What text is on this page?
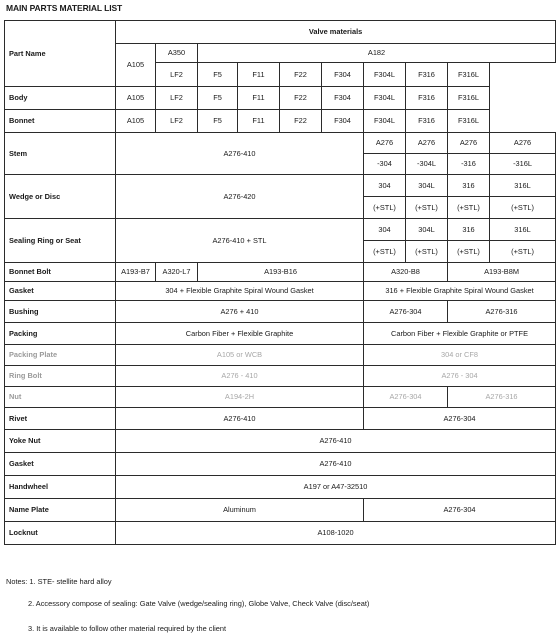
MAIN PARTS MATERIAL LIST
Part Name	Valve materials									
	A105	A350	A182							
		LF2	F5	F11	F22	F304	F304L	F316	F316L	
Body	A105	LF2	F5	F11	F22	F304	F304L	F316	F316L	
Bonnet	A105	LF2	F5	F11	F22	F304	F304L	F316	F316L	
Stem	A276-410						A276	A276	A276	A276
							-304	-304L	-316	-316L
Wedge or Disc	A276-420						304	304L	316	316L
							(+STL)	(+STL)	(+STL)	(+STL)
Sealing Ring or Seat	A276-410 + STL						304	304L	316	316L
							(+STL)	(+STL)	(+STL)	(+STL)
Bonnet Bolt	A193-B7	A320-L7	A193-B16				A320-B8		A193-B8M	
Gasket	304 + Flexible Graphite Spiral Wound Gasket						316 + Flexible Graphite Spiral Wound Gasket			
Bushing	A276 + 410						A276-304		A276-316	
Packing	Carbon Fiber + Flexible Graphite						Carbon Fiber + Flexible Graphite or PTFE			
Packing Plate	A105 or WCB						304 or CF8			
Ring Bolt	A276 - 410						A276 - 304			
Nut	A194-2H						A276-304		A276-316	
Rivet	A276-410						A276-304			
Yoke Nut	A276-410									
Gasket	A276-410									
Handwheel	A197 or A47-32510									
Name Plate	Aluminum						A276-304			
Locknut	A108-1020									
Notes: 1. STE- stellite hard alloy
2. Accessory compose of sealing: Gate Valve (wedge/sealing ring), Globe Valve, Check Valve (disc/seat)
3. It is available to follow other material required by the client
